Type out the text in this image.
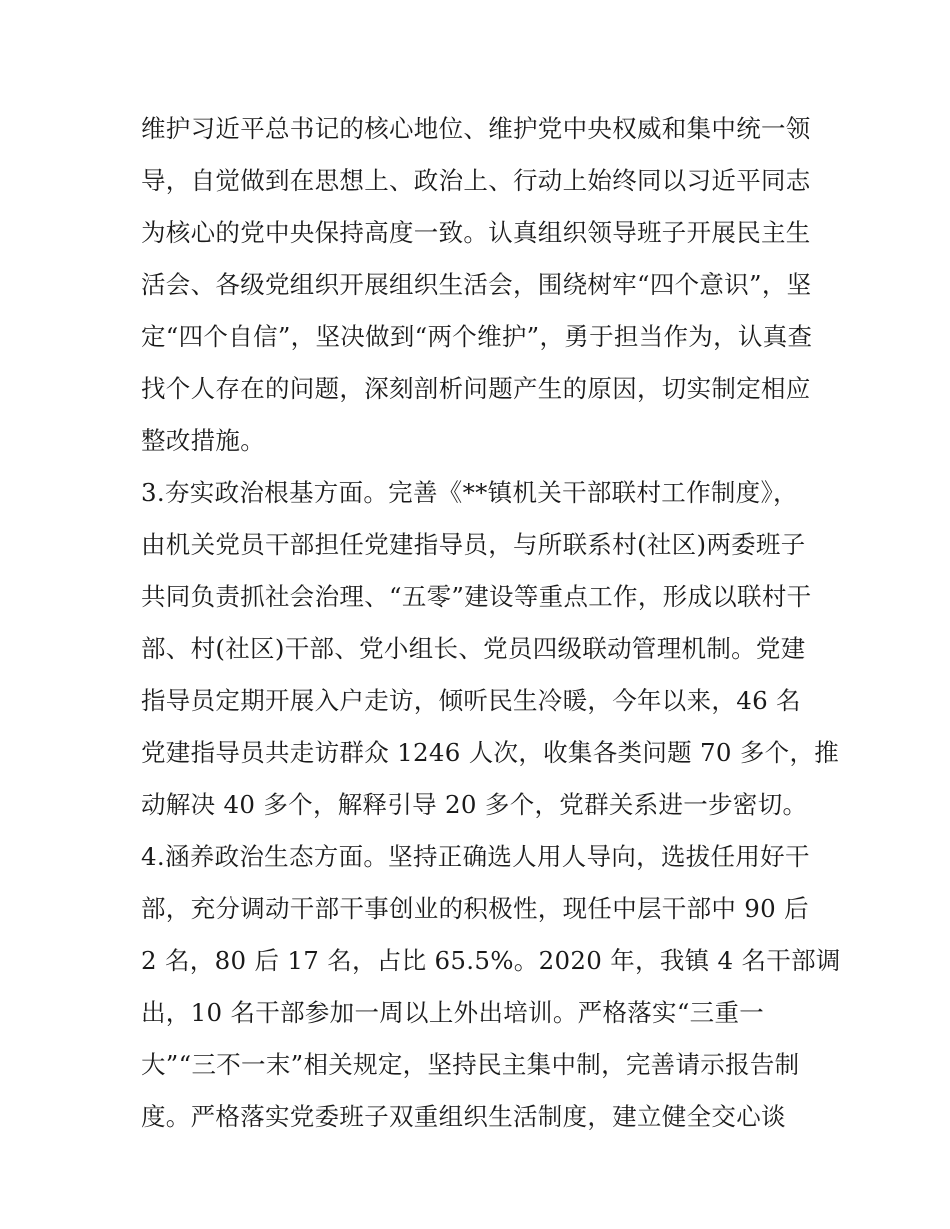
维护习近平总书记的核心地位、维护党中央权威和集中统一领
导，自觉做到在思想上、政治上、行动上始终同以习近平同志
为核心的党中央保持高度一致。认真组织领导班子开展民主生
活会、各级党组织开展组织生活会，围绕树牢“四个意识”，坚
定“四个自信”，坚决做到“两个维护”，勇于担当作为，认真查
找个人存在的问题，深刻剖析问题产生的原因，切实制定相应
整改措施。
3.夯实政治根基方面。完善《**镇机关干部联村工作制度》，
由机关党员干部担任党建指导员，与所联系村(社区)两委班子
共同负责抓社会治理、“五零”建设等重点工作，形成以联村干
部、村(社区)干部、党小组长、党员四级联动管理机制。党建
指导员定期开展入户走访，倾听民生冷暖，今年以来，46 名
党建指导员共走访群众 1246 人次，收集各类问题 70 多个，推
动解决 40 多个，解释引导 20 多个，党群关系进一步密切。
4.涵养政治生态方面。坚持正确选人用人导向，选拔任用好干
部，充分调动干部干事创业的积极性，现任中层干部中 90 后
2 名，80 后 17 名，占比 65.5%。2020 年，我镇 4 名干部调
出，10 名干部参加一周以上外出培训。严格落实“三重一
大”“三不一末”相关规定，坚持民主集中制，完善请示报告制
度。严格落实党委班子双重组织生活制度，建立健全交心谈
